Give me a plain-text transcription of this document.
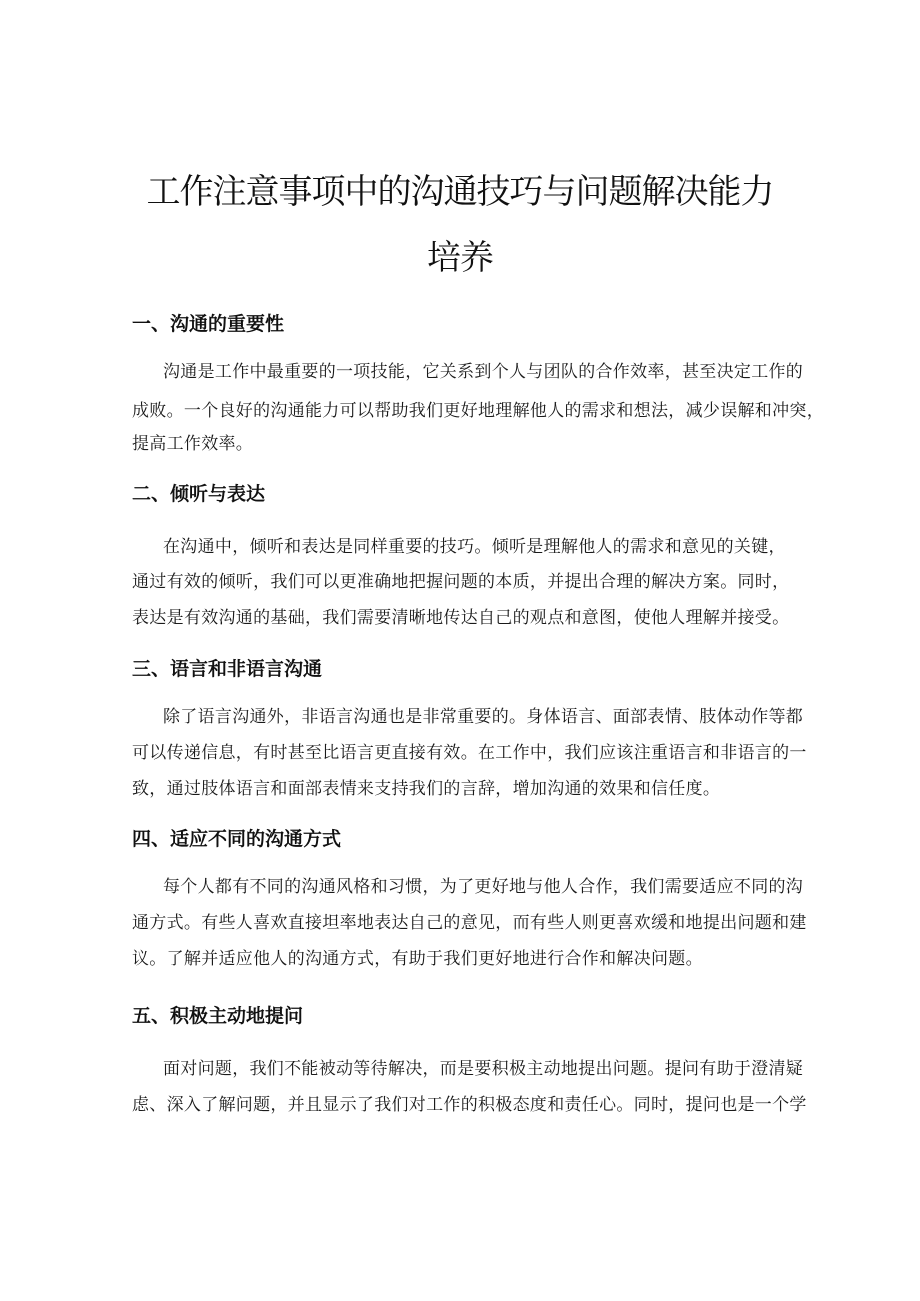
工作注意事项中的沟通技巧与问题解决能力
培养
一、沟通的重要性

沟通是工作中最重要的一项技能，它关系到个人与团队的合作效率，甚至决定工作的

成败。一个良好的沟通能力可以帮助我们更好地理解他人的需求和想法，减少误解和冲突，

提高工作效率。

二、倾听与表达

在沟通中，倾听和表达是同样重要的技巧。倾听是理解他人的需求和意见的关键，

通过有效的倾听，我们可以更准确地把握问题的本质，并提出合理的解决方案。同时，

表达是有效沟通的基础，我们需要清晰地传达自己的观点和意图，使他人理解并接受。

三、语言和非语言沟通

除了语言沟通外，非语言沟通也是非常重要的。身体语言、面部表情、肢体动作等都

可以传递信息，有时甚至比语言更直接有效。在工作中，我们应该注重语言和非语言的一

致，通过肢体语言和面部表情来支持我们的言辞，增加沟通的效果和信任度。

四、适应不同的沟通方式

每个人都有不同的沟通风格和习惯，为了更好地与他人合作，我们需要适应不同的沟

通方式。有些人喜欢直接坦率地表达自己的意见，而有些人则更喜欢缓和地提出问题和建

议。了解并适应他人的沟通方式，有助于我们更好地进行合作和解决问题。

五、积极主动地提问

面对问题，我们不能被动等待解决，而是要积极主动地提出问题。提问有助于澄清疑

虑、深入了解问题，并且显示了我们对工作的积极态度和责任心。同时，提问也是一个学
